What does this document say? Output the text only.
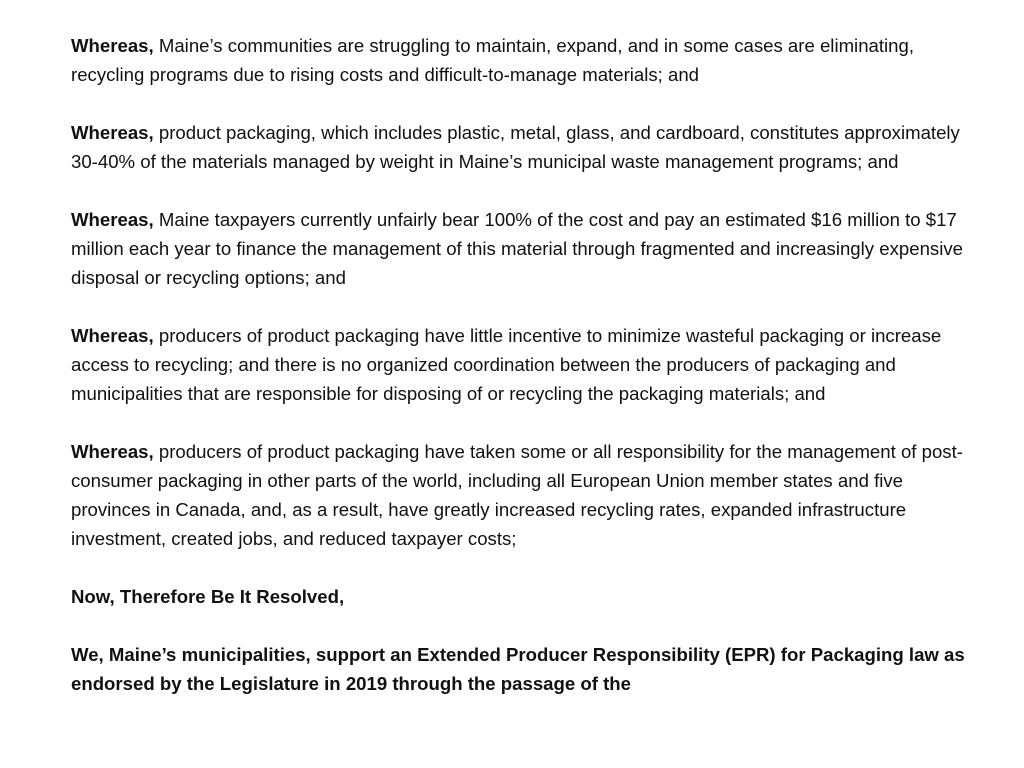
Whereas, Maine’s communities are struggling to maintain, expand, and in some cases are eliminating, recycling programs due to rising costs and difficult-to-manage materials; and

Whereas, product packaging, which includes plastic, metal, glass, and cardboard, constitutes approximately 30-40% of the materials managed by weight in Maine’s municipal waste management programs; and

Whereas, Maine taxpayers currently unfairly bear 100% of the cost and pay an estimated $16 million to $17 million each year to finance the management of this material through fragmented and increasingly expensive disposal or recycling options; and

Whereas, producers of product packaging have little incentive to minimize wasteful packaging or increase access to recycling; and there is no organized coordination between the producers of packaging and municipalities that are responsible for disposing of or recycling the packaging materials; and

Whereas, producers of product packaging have taken some or all responsibility for the management of post-consumer packaging in other parts of the world, including all European Union member states and five provinces in Canada, and, as a result, have greatly increased recycling rates, expanded infrastructure investment, created jobs, and reduced taxpayer costs;

Now, Therefore Be It Resolved,

We, Maine’s municipalities, support an Extended Producer Responsibility (EPR) for Packaging law as endorsed by the Legislature in 2019 through the passage of the
